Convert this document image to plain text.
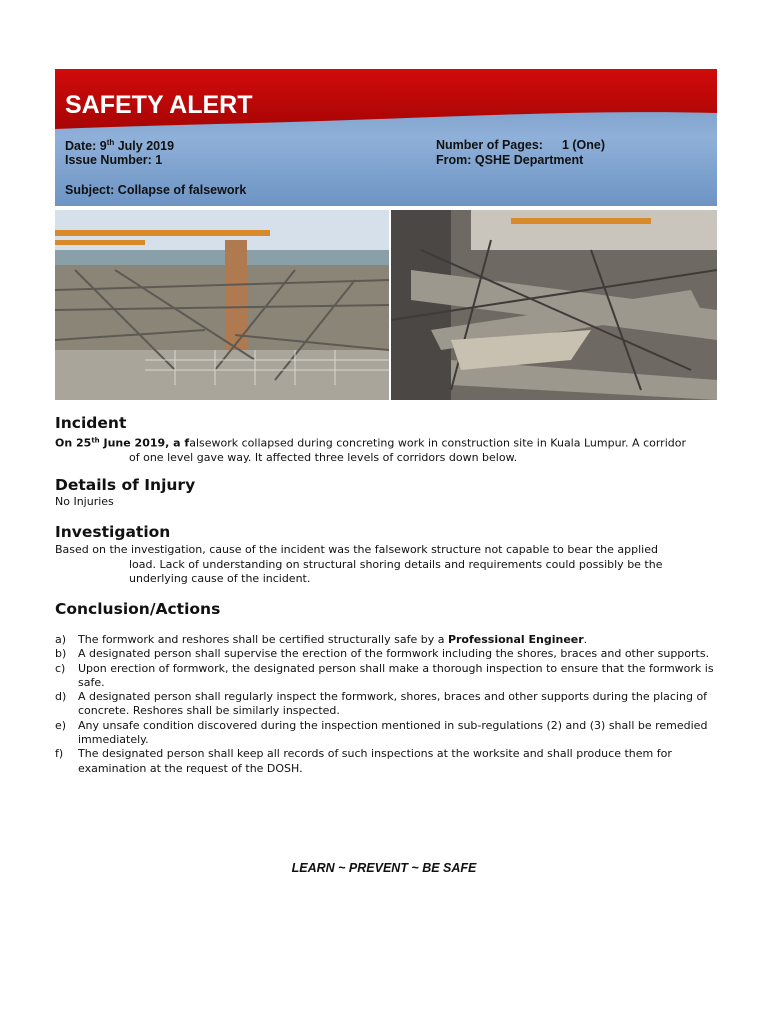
SAFETY ALERT
Date: 9th July 2019
Issue Number: 1
Subject: Collapse of falsework
Number of Pages: 1 (One)
From: QSHE Department
Incident

On 25th June 2019, a falsework collapsed during concreting work in construction site in Kuala Lumpur. A corridor
of one level gave way. It affected three levels of corridors down below.

Details of Injury

No Injuries

Investigation

Based on the investigation, cause of the incident was the falsework structure not capable to bear the applied
load. Lack of understanding on structural shoring details and requirements could possibly be the
underlying cause of the incident.

Conclusion/Actions
a) The formwork and reshores shall be certified structurally safe by a Professional Engineer.
b) A designated person shall supervise the erection of the formwork including the shores, braces and other supports.
c) Upon erection of formwork, the designated person shall make a thorough inspection to ensure that the formwork is safe.
d) A designated person shall regularly inspect the formwork, shores, braces and other supports during the placing of concrete. Reshores shall be similarly inspected.
e) Any unsafe condition discovered during the inspection mentioned in sub-regulations (2) and (3) shall be remedied immediately.
f) The designated person shall keep all records of such inspections at the worksite and shall produce them for examination at the request of the DOSH.
LEARN ~ PREVENT ~ BE SAFE
